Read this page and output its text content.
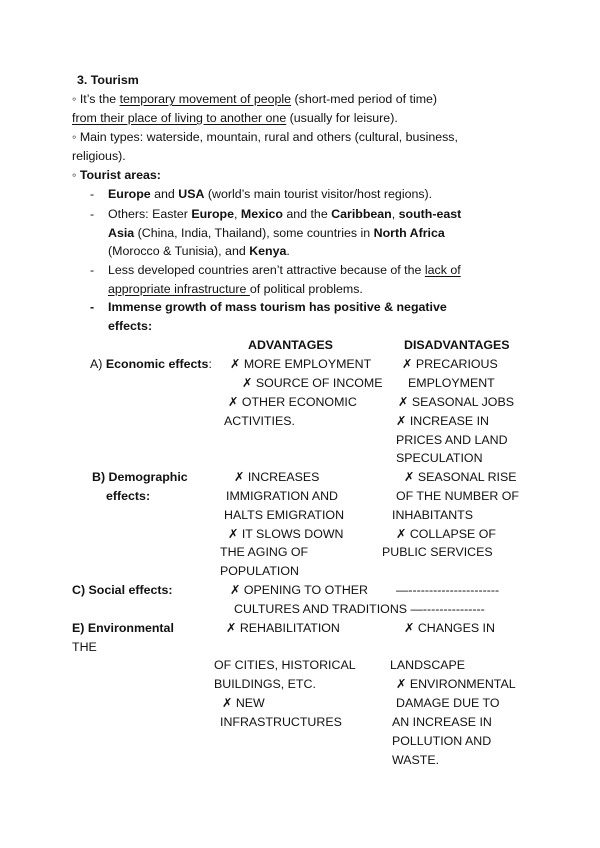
3. Tourism
◦ It’s the temporary movement of people (short-med period of time)
from their place of living to another one (usually for leisure).
◦ Main types: waterside, mountain, rural and others (cultural, business,
religious).
◦ Tourist areas:
- Europe and USA (world’s main tourist visitor/host regions).
- Others: Easter Europe, Mexico and the Caribbean, south-east
Asia (China, India, Thailand), some countries in North Africa
(Morocco & Tunisia), and Kenya.
- Less developed countries aren’t attractive because of the lack of
appropriate infrastructure of political problems.
- Immense growth of mass tourism has positive & negative
effects:
ADVANTAGES	DISADVANTAGES
A) Economic effects: ✗ MORE EMPLOYMENT
✗ SOURCE OF INCOME
✗ OTHER ECONOMIC
ACTIVITIES.
✗ PRECARIOUS
EMPLOYMENT
✗ SEASONAL JOBS
✗ INCREASE IN
PRICES AND LAND
SPECULATION
B) Demographic
effects:
✗ INCREASES
IMMIGRATION AND
HALTS EMIGRATION
✗ IT SLOWS DOWN
THE AGING OF
POPULATION
✗ SEASONAL RISE
OF THE NUMBER OF
INHABITANTS
✗ COLLAPSE OF
PUBLIC SERVICES
C) Social effects:	✗ OPENING TO OTHER —----------------------
CULTURES AND TRADITIONS —---------------
E) Environmental
THE
✗ REHABILITATION
OF CITIES, HISTORICAL
BUILDINGS, ETC.
✗ NEW
INFRASTRUCTURES
✗ CHANGES IN
LANDSCAPE
✗ ENVIRONMENTAL
DAMAGE DUE TO
AN INCREASE IN
POLLUTION AND
WASTE.
